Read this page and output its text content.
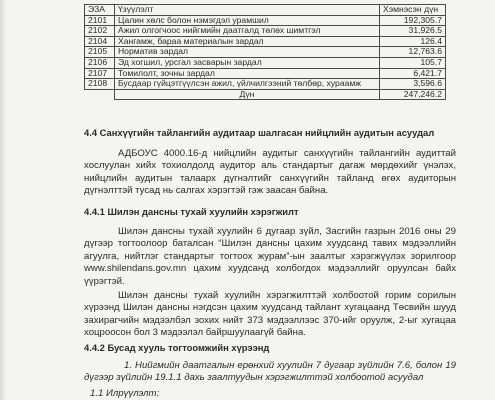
ЭЗА	Үзүүлэлт	Хэмнэсэн дүн
2101	Цалин хөлс болон нэмэгдэл урамшил	192,305.7
2102	Ажил олгогчоос нийгмийн даатгалд төлөх шимтгэл	31,926.5
2104	Хангамж, бараа материалын зардал	126.4
2105	Норматив зардал	12,763.6
2106	Эд хогшил, урсгал засварын зардал	105.7
2107	Томилолт, зочны зардал	6,421.7
2108	Бусдаар гүйцэтгүүлсэн ажил, үйлчилгээний төлбөр, хураамж	3,596.6
	Дүн	247,246.2
4.4 Санхүүгийн тайлангийн аудитаар шалгасан нийцлийн аудитын асуудал
АДБОУС 4000.16-д нийцлийн аудитыг санхүүгийн тайлангийн аудиттай хослуулан хийх тохиолдолд аудитор аль стандартыг дагаж мөрдөхийг үнэлэх, нийцлийн аудитын талаарх дүгнэлтийг санхүүгийн тайланд өгөх аудиторын дүгнэлттэй тусад нь салгах хэрэгтэй гэж заасан байна.
4.4.1 Шилэн дансны тухай хуулийн хэрэгжилт
Шилэн дансны тухай хуулийн 6 дугаар зүйл, Засгийн газрын 2016 оны 29 дүгээр тогтоолоор баталсан “Шилэн дансны цахим хуудсанд тавих мэдээллийн агуулга, нийтлэг стандартыг тогтоох журам”-ын заалтыг хэрэгжүүлэх зорилгоор www.shilendans.gov.mn цахим хуудсанд холбогдох мэдээллийг оруулсан байх үүрэгтэй.
Шилэн дансны тухай хуулийн хэрэгжилттэй холбоотой горим сорилын хүрээнд Шилэн дансны нэгдсэн цахим хуудсанд тайлант хугацаанд Төсвийн шууд захирагчийн мэдээлбэл зохих нийт 373 мэдээллээс 370-ийг оруулж, 2-ыг хугацаа хоцроосон бол 3 мэдээлэл байршуулаагүй байна.
4.4.2 Бусад хууль тогтоомжийн хүрээнд
1. Нийгмийн даатгалын ерөнхий хуулийн 7 дугаар зүйлийн 7.6, болон 19 дүгээр зүйлийн 19.1.1 дахь заалтуудын хэрэгжилттэй холбоотой асуудал
1.1 Илрүүлэлт:
